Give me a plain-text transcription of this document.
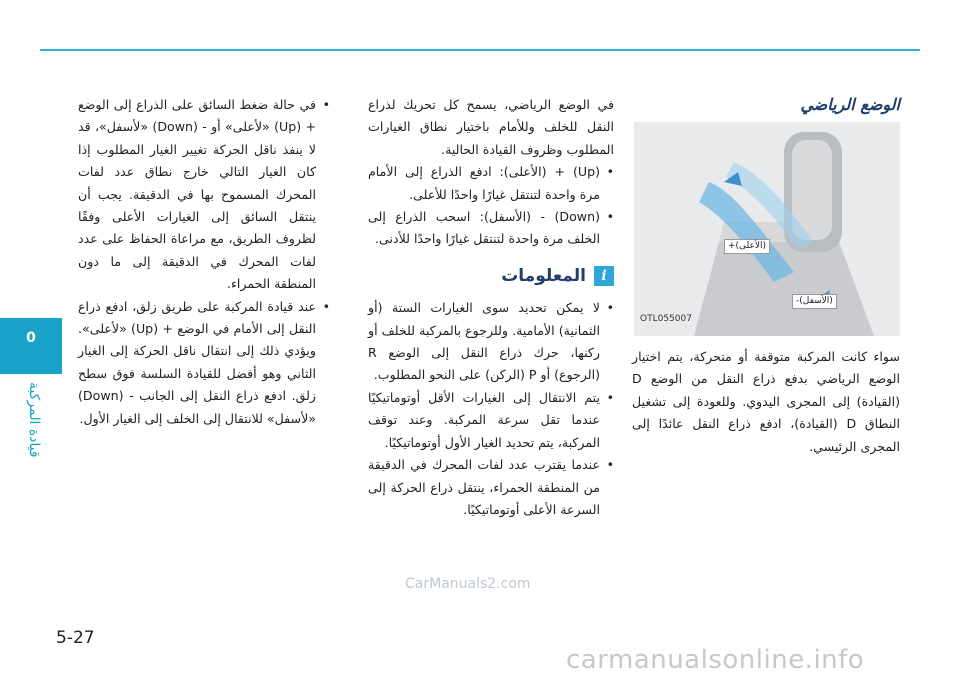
0
قيادة المركبة
الوضع الرياضي
(الأعلى)+
(الأسفل)-
OTL055007

سواء كانت المركبة متوقفة أو متحركة، يتم اختيار الوضع الرياضي بدفع ذراع النقل من الوضع D (القيادة) إلى المجرى اليدوي. وللعودة إلى تشغيل النطاق D (القيادة)، ادفع ذراع النقل عائدًا إلى المجرى الرئيسي.

في الوضع الرياضي، يسمح كل تحريك لذراع النقل للخلف وللأمام باختيار نطاق الغيارات المطلوب وظروف القيادة الحالية.

• (Up) + (الأعلى): ادفع الذراع إلى الأمام مرة واحدة لتنتقل غيارًا واحدًا للأعلى.
• (Down) - (الأسفل): اسحب الذراع إلى الخلف مرة واحدة لتنتقل غيارًا واحدًا للأدنى.
i
المعلومات
• لا يمكن تحديد سوى الغيارات الستة (أو الثمانية) الأمامية. وللرجوع بالمركبة للخلف أو ركنها، حرك ذراع النقل إلى الوضع R (الرجوع) أو P (الركن) على النحو المطلوب.
• يتم الانتقال إلى الغيارات الأقل أوتوماتيكيًا عندما تقل سرعة المركبة. وعند توقف المركبة، يتم تحديد الغيار الأول أوتوماتيكيًا.
• عندما يقترب عدد لفات المحرك في الدقيقة من المنطقة الحمراء، ينتقل ذراع الحركة إلى السرعة الأعلى أوتوماتيكيًا.
• في حالة ضغط السائق على الذراع إلى الوضع + (Up) «لأعلى» أو - (Down) «لأسفل»، قد لا ينفذ ناقل الحركة تغيير الغيار المطلوب إذا كان الغيار التالي خارج نطاق عدد لفات المحرك المسموح بها في الدقيقة. يجب أن ينتقل السائق إلى الغيارات الأعلى وفقًا لظروف الطريق، مع مراعاة الحفاظ على عدد لفات المحرك في الدقيقة إلى ما دون المنطقة الحمراء.
• عند قيادة المركبة على طريق زلق، ادفع ذراع النقل إلى الأمام في الوضع + (Up) «لأعلى». ويؤدي ذلك إلى انتقال ناقل الحركة إلى الغيار الثاني وهو أفضل للقيادة السلسة فوق سطح زلق. ادفع ذراع النقل إلى الجانب - (Down) «لأسفل» للانتقال إلى الخلف إلى الغيار الأول.
CarManuals2.com
5-27
carmanualsonline.info
